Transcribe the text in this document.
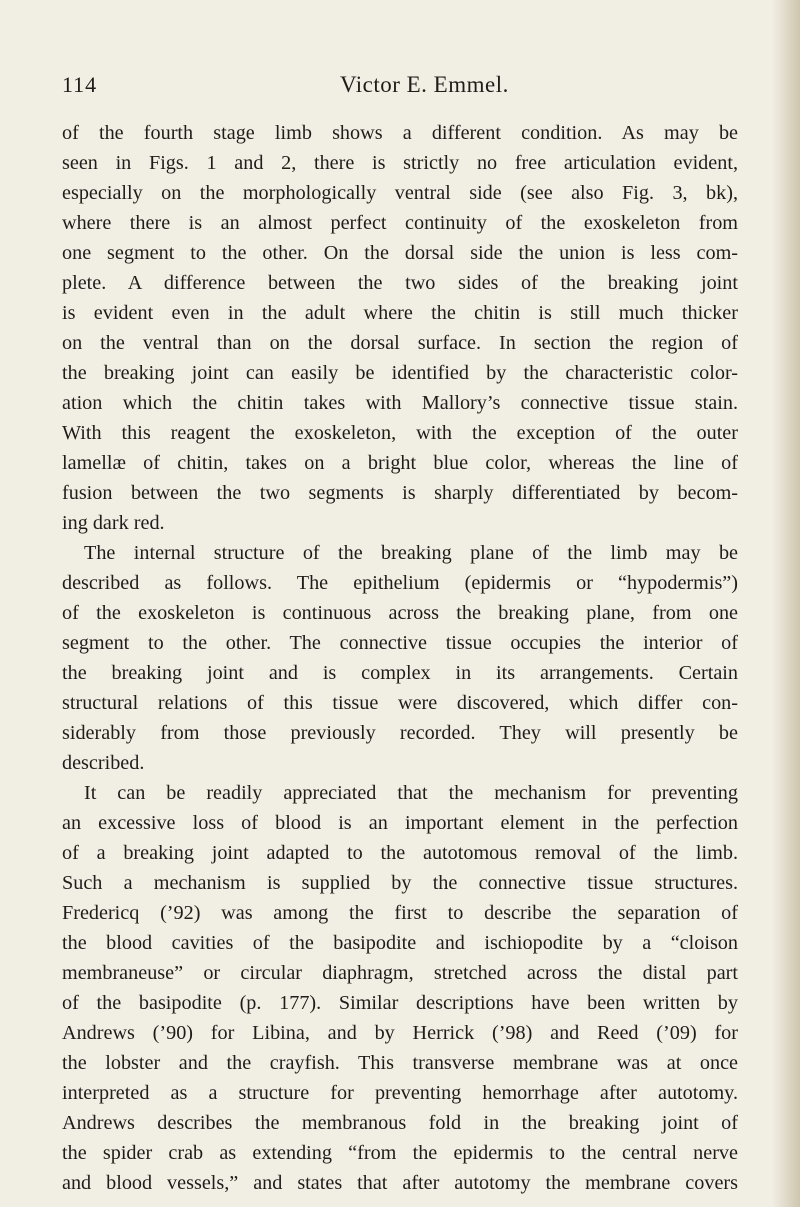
114	Victor E. Emmel.
of the fourth stage limb shows a different condition. As may be
seen in Figs. 1 and 2, there is strictly no free articulation evident,
especially on the morphologically ventral side (see also Fig. 3, bk),
where there is an almost perfect continuity of the exoskeleton from
one segment to the other. On the dorsal side the union is less com-
plete. A difference between the two sides of the breaking joint
is evident even in the adult where the chitin is still much thicker
on the ventral than on the dorsal surface. In section the region of
the breaking joint can easily be identified by the characteristic color-
ation which the chitin takes with Mallory’s connective tissue stain.
With this reagent the exoskeleton, with the exception of the outer
lamellæ of chitin, takes on a bright blue color, whereas the line of
fusion between the two segments is sharply differentiated by becom-
ing dark red.
The internal structure of the breaking plane of the limb may be
described as follows. The epithelium (epidermis or “hypodermis”)
of the exoskeleton is continuous across the breaking plane, from one
segment to the other. The connective tissue occupies the interior of
the breaking joint and is complex in its arrangements. Certain
structural relations of this tissue were discovered, which differ con-
siderably from those previously recorded. They will presently be
described.
It can be readily appreciated that the mechanism for preventing
an excessive loss of blood is an important element in the perfection
of a breaking joint adapted to the autotomous removal of the limb.
Such a mechanism is supplied by the connective tissue structures.
Fredericq (’92) was among the first to describe the separation of
the blood cavities of the basipodite and ischiopodite by a “cloison
membraneuse” or circular diaphragm, stretched across the distal part
of the basipodite (p. 177). Similar descriptions have been written by
Andrews (’90) for Libina, and by Herrick (’98) and Reed (’09) for
the lobster and the crayfish. This transverse membrane was at once
interpreted as a structure for preventing hemorrhage after autotomy.
Andrews describes the membranous fold in the breaking joint of
the spider crab as extending “from the epidermis to the central nerve
and blood vessels,” and states that after autotomy the membrane covers
